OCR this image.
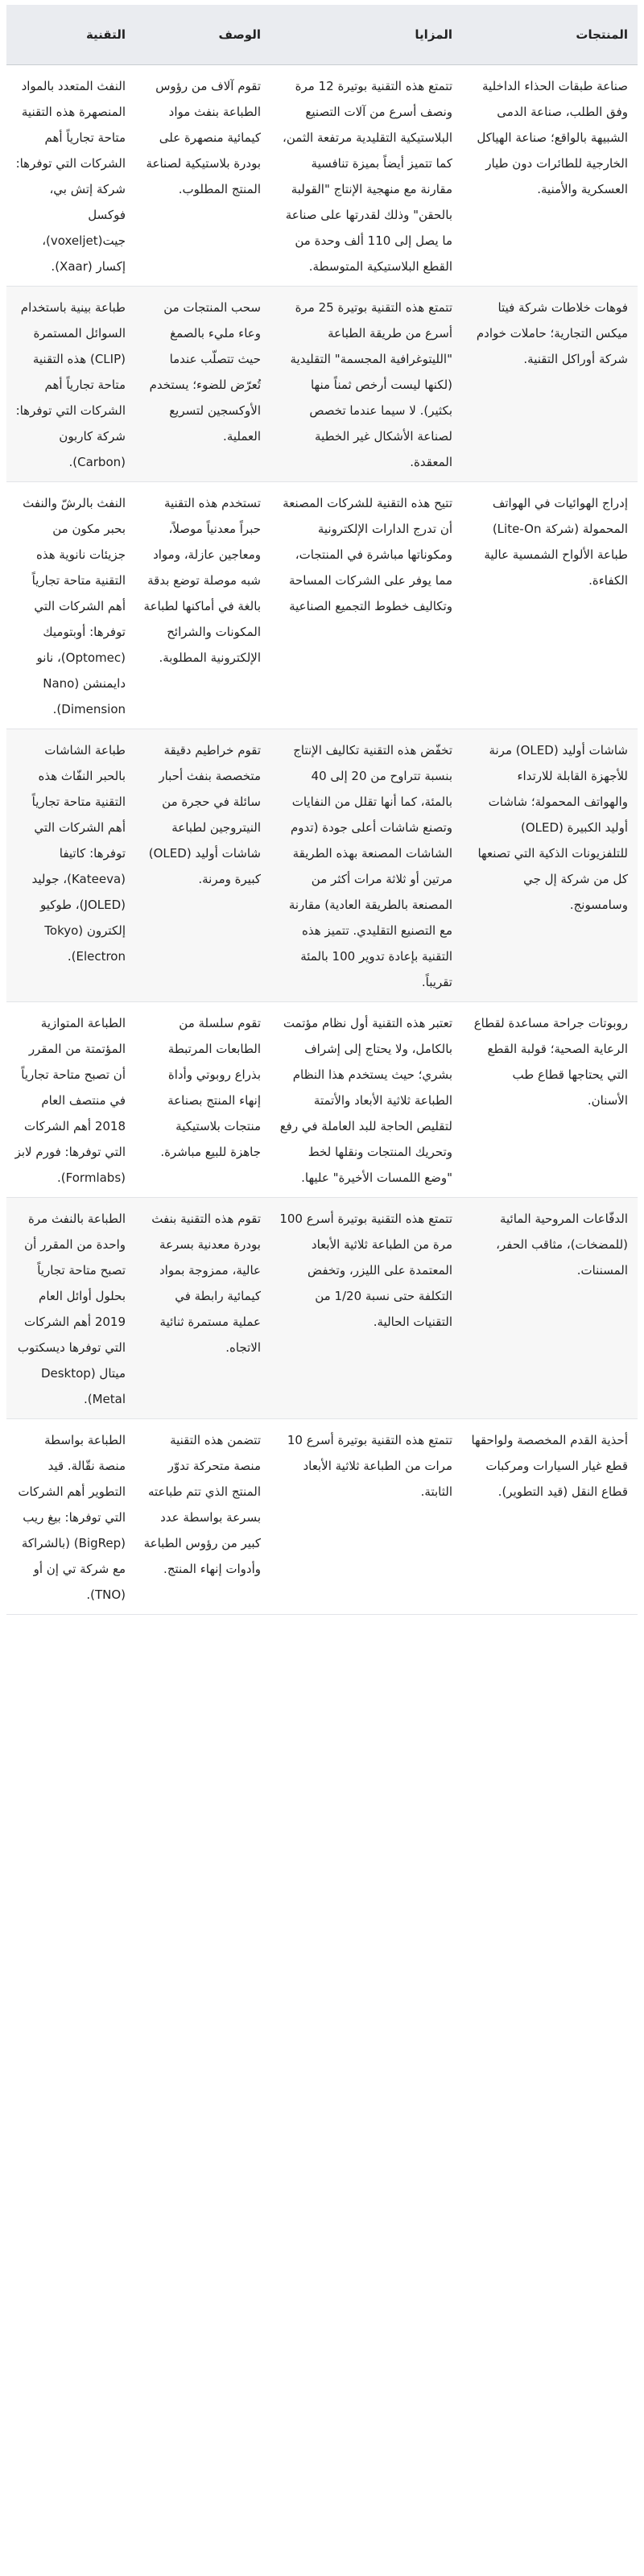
المنتجات	المزايا	الوصف	التقنية
صناعة طبقات الحذاء الداخلية وفق الطلب، صناعة الدمى الشبيهة بالواقع؛ صناعة الهياكل الخارجية للطائرات دون طيار العسكرية والأمنية.	تتمتع هذه التقنية بوتيرة 12 مرة ونصف أسرع من آلات التصنيع البلاستيكية التقليدية مرتفعة الثمن، كما تتميز أيضاً بميزة تنافسية مقارنة مع منهجية الإنتاج "القولبة بالحقن" وذلك لقدرتها على صناعة ما يصل إلى 110 ألف وحدة من القطع البلاستيكية المتوسطة.	تقوم آلاف من رؤوس الطباعة بنفث مواد كيمائية منصهرة على بودرة بلاستيكية لصناعة المنتج المطلوب.	النفث المتعدد بالمواد المنصهرة هذه التقنية متاحة تجارياً أهم الشركات التي توفرها: شركة إتش بي، فوكسل جيت(voxeljet)، إكسار (Xaar).
فوهات خلاطات شركة فيتا ميكس التجارية؛ حاملات خوادم شركة أوراكل التقنية.	تتمتع هذه التقنية بوتيرة 25 مرة أسرع من طريقة الطباعة "الليتوغرافية المجسمة" التقليدية (لكنها ليست أرخص ثمناً منها بكثير). لا سيما عندما تخصص لصناعة الأشكال غير الخطية المعقدة.	سحب المنتجات من وعاء مليء بالصمغ حيث تتصلّب عندما تُعرّض للضوء؛ يستخدم الأوكسجين لتسريع العملية.	طباعة بينية باستخدام السوائل المستمرة (CLIP) هذه التقنية متاحة تجارياً أهم الشركات التي توفرها: شركة كاربون (Carbon).
إدراج الهوائيات في الهواتف المحمولة (شركة Lite-On) طباعة الألواح الشمسية عالية الكفاءة.	تتيح هذه التقنية للشركات المصنعة أن تدرج الدارات الإلكترونية ومكوناتها مباشرة في المنتجات، مما يوفر على الشركات المساحة وتكاليف خطوط التجميع الصناعية	تستخدم هذه التقنية حبراً معدنياً موصلاً، ومعاجين عازلة، ومواد شبه موصلة توضع بدقة بالغة في أماكنها لطباعة المكونات والشرائح الإلكترونية المطلوبة.	النفث بالرشّ والنفث بحبر مكون من جزيئات نانوية هذه التقنية متاحة تجارياً أهم الشركات التي توفرها: أوبتوميك (Optomec)، نانو دايمنشن (Nano Dimension).
شاشات أوليد (OLED) مرنة للأجهزة القابلة للارتداء والهواتف المحمولة؛ شاشات أوليد الكبيرة (OLED) للتلفزيونات الذكية التي تصنعها كل من شركة إل جي وسامسونج.	تخفّض هذه التقنية تكاليف الإنتاج بنسبة تتراوح من 20 إلى 40 بالمئة، كما أنها تقلل من النفايات وتصنع شاشات أعلى جودة (تدوم الشاشات المصنعة بهذه الطريقة مرتين أو ثلاثة مرات أكثر من المصنعة بالطريقة العادية) مقارنة مع التصنيع التقليدي. تتميز هذه التقنية بإعادة تدوير 100 بالمئة تقريباً.	تقوم خراطيم دقيقة متخصصة بنفث أحبار سائلة في حجرة من النيتروجين لطباعة شاشات أوليد (OLED) كبيرة ومرنة.	طباعة الشاشات بالحبر النفّاث هذه التقنية متاحة تجارياً أهم الشركات التي توفرها: كاتيفا (Kateeva)، جوليد (JOLED)، طوكيو إلكترون (Tokyo Electron).
روبوتات جراحة مساعدة لقطاع الرعاية الصحية؛ قولبة القطع التي يحتاجها قطاع طب الأسنان.	تعتبر هذه التقنية أول نظام مؤتمت بالكامل، ولا يحتاج إلى إشراف بشري؛ حيث يستخدم هذا النظام الطباعة ثلاثية الأبعاد والأتمتة لتقليص الحاجة للبد العاملة في رفع وتحريك المنتجات ونقلها لخط "وضع اللمسات الأخيرة" عليها.	تقوم سلسلة من الطابعات المرتبطة بذراع روبوتي وأداة إنهاء المنتج بصناعة منتجات بلاستيكية جاهزة للبيع مباشرة.	الطباعة المتوازية المؤتمتة من المقرر أن تصبح متاحة تجارياً في منتصف العام 2018 أهم الشركات التي توفرها: فورم لابز (Formlabs).
الدفّاعات المروحية المائية (للمضخات)، مثاقب الحفر، المسننات.	تتمتع هذه التقنية بوتيرة أسرع 100 مرة من الطباعة ثلاثية الأبعاد المعتمدة على الليزر، وتخفض التكلفة حتى نسبة 1/20 من التقنيات الحالية.	تقوم هذه التقنية بنفث بودرة معدنية بسرعة عالية، ممزوجة بمواد كيمائية رابطة في عملية مستمرة ثنائية الاتجاه.	الطباعة بالنفث مرة واحدة من المقرر أن تصبح متاحة تجارياً بحلول أوائل العام 2019 أهم الشركات التي توفرها ديسكتوب ميتال (Desktop Metal).
أحذية القدم المخصصة ولواحقها قطع غيار السيارات ومركبات قطاع النقل (قيد التطوير).	تتمتع هذه التقنية بوتيرة أسرع 10 مرات من الطباعة ثلاثية الأبعاد الثابتة.	تتضمن هذه التقنية منصة متحركة تدوّر المنتج الذي تتم طباعته بسرعة بواسطة عدد كبير من رؤوس الطباعة وأدوات إنهاء المنتج.	الطباعة بواسطة منصة نقّالة. قيد التطوير أهم الشركات التي توفرها: بيغ ريب (BigRep) (بالشراكة مع شركة تي إن أو (TNO).
